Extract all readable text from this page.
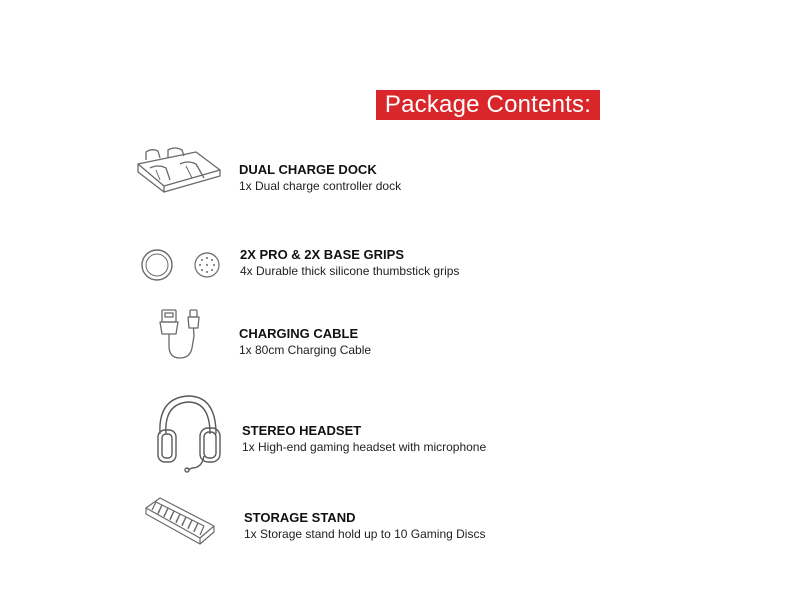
Package Contents:
DUAL CHARGE DOCK
1x Dual charge controller dock
2X PRO & 2X BASE GRIPS
4x Durable thick silicone thumbstick grips
CHARGING CABLE
1x 80cm Charging Cable
STEREO HEADSET
1x High-end gaming headset with microphone
STORAGE STAND
1x Storage stand hold up to 10 Gaming Discs
